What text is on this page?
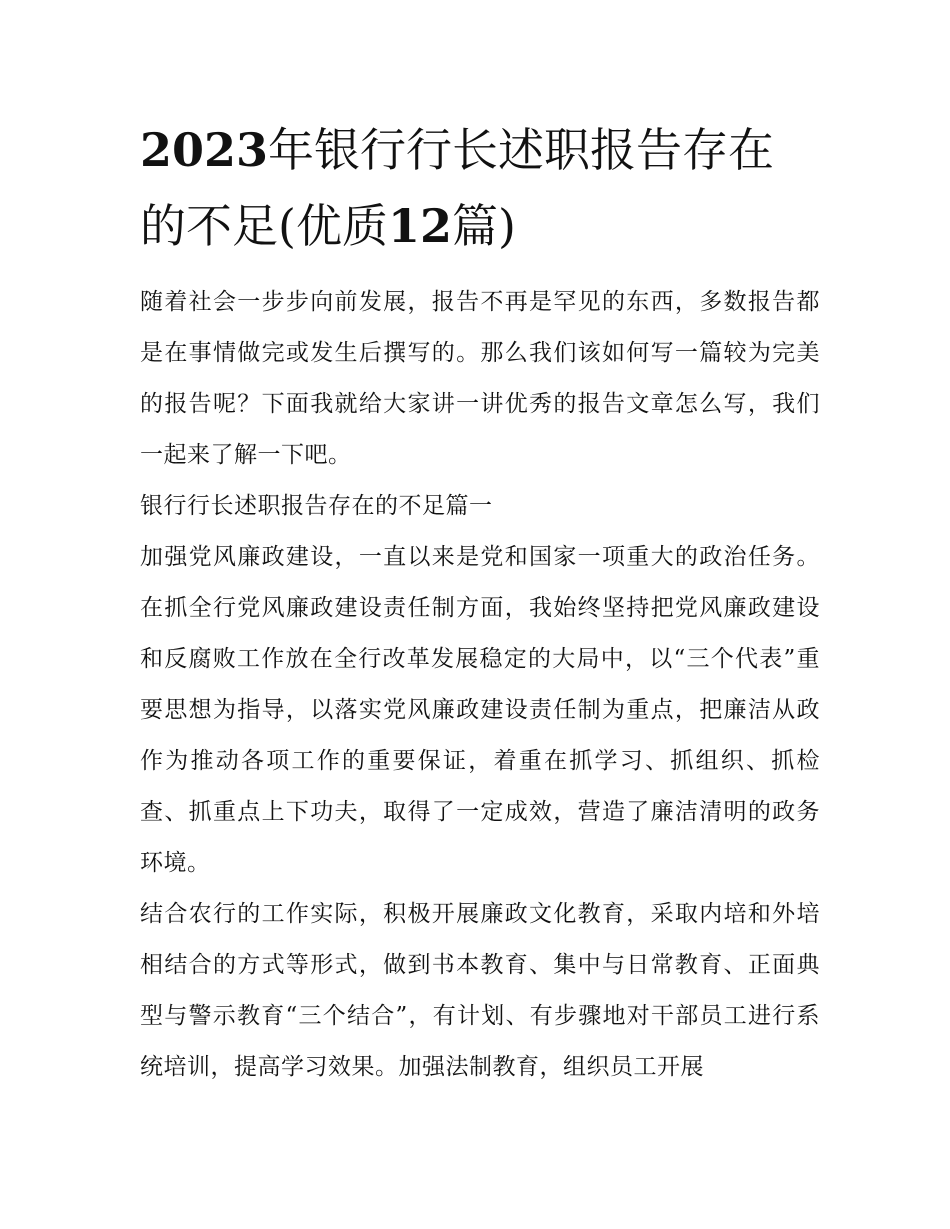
2023年银行行长述职报告存在的不足(优质12篇)

随着社会一步步向前发展，报告不再是罕见的东西，多数报告都是在事情做完或发生后撰写的。那么我们该如何写一篇较为完美的报告呢？下面我就给大家讲一讲优秀的报告文章怎么写，我们一起来了解一下吧。

银行行长述职报告存在的不足篇一

加强党风廉政建设，一直以来是党和国家一项重大的政治任务。在抓全行党风廉政建设责任制方面，我始终坚持把党风廉政建设和反腐败工作放在全行改革发展稳定的大局中，以“三个代表”重要思想为指导，以落实党风廉政建设责任制为重点，把廉洁从政作为推动各项工作的重要保证，着重在抓学习、抓组织、抓检查、抓重点上下功夫，取得了一定成效，营造了廉洁清明的政务环境。

结合农行的工作实际，积极开展廉政文化教育，采取内培和外培相结合的方式等形式，做到书本教育、集中与日常教育、正面典型与警示教育“三个结合”，有计划、有步骤地对干部员工进行系统培训，提高学习效果。加强法制教育，组织员工开展
